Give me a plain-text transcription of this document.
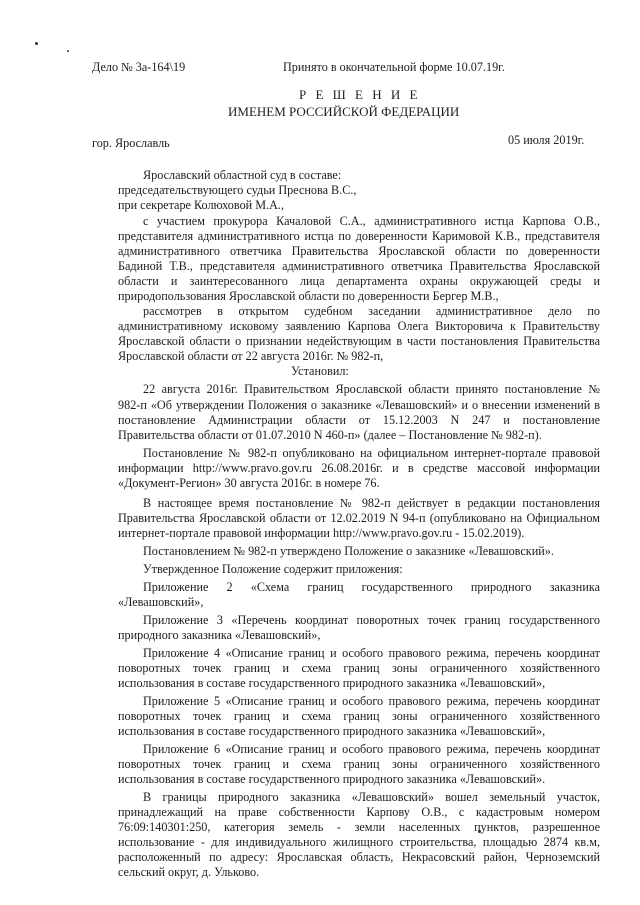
Дело № 3а-164\19	Принято в окончательной форме 10.07.19г.
Р Е Ш Е Н И Е
ИМЕНЕМ РОССИЙСКОЙ ФЕДЕРАЦИИ
гор. Ярославль	05 июля 2019г.
Ярославский областной суд в составе:
председательствующего судьи Преснова В.С.,
при секретаре Колюховой М.А.,
с участием прокурора Качаловой С.А., административного истца Карпова О.В.,
представителя административного истца по доверенности Каримовой К.В., представителя
административного ответчика Правительства Ярославской области по доверенности
Бадиной Т.В., представителя административного ответчика Правительства Ярославской
области и заинтересованного лица департамента охраны окружающей среды и
природопользования Ярославской области по доверенности Бергер М.В.,
рассмотрев в открытом судебном заседании административное дело по
административному исковому заявлению Карпова Олега Викторовича к Правительству
Ярославской области о признании недействующим в части постановления Правительства
Ярославской области от 22 августа 2016г. № 982-п,
Установил:
22 августа 2016г. Правительством Ярославской области принято постановление №
982-п «Об утверждении Положения о заказнике «Левашовский» и о внесении изменений в
постановление Администрации области от 15.12.2003 N 247 и постановление
Правительства области от 01.07.2010 N 460-п» (далее – Постановление № 982-п).
Постановление № 982-п опубликовано на официальном интернет-портале правовой
информации http://www.pravo.gov.ru 26.08.2016г. и в средстве массовой информации
«Документ-Регион» 30 августа 2016г. в номере 76.
В настоящее время постановление № 982-п действует в редакции постановления
Правительства Ярославской области от 12.02.2019 N 94-п (опубликовано на Официальном
интернет-портале правовой информации http://www.pravo.gov.ru - 15.02.2019).
Постановлением № 982-п утверждено Положение о заказнике «Левашовский».
Утвержденное Положение содержит приложения:
Приложение 2 «Схема границ государственного природного заказника
«Левашовский»,
Приложение 3 «Перечень координат поворотных точек границ государственного
природного заказника «Левашовский»,
Приложение 4 «Описание границ и особого правового режима, перечень координат
поворотных точек границ и схема границ зоны ограниченного хозяйственного
использования в составе государственного природного заказника «Левашовский»,
Приложение 5 «Описание границ и особого правового режима, перечень координат
поворотных точек границ и схема границ зоны ограниченного хозяйственного
использования в составе государственного природного заказника «Левашовский»,
Приложение 6 «Описание границ и особого правового режима, перечень координат
поворотных точек границ и схема границ зоны ограниченного хозяйственного
использования в составе государственного природного заказника «Левашовский».
В границы природного заказника «Левашовский» вошел земельный участок,
принадлежащий на праве собственности Карпову О.В., с кадастровым номером
76:09:140301:250, категория земель - земли населенных пунктов, разрешенное
использование - для индивидуального жилищного строительства, площадью 2874 кв.м,
расположенный по адресу: Ярославская область, Некрасовский район, Черноземский
сельский округ, д. Ульково.
